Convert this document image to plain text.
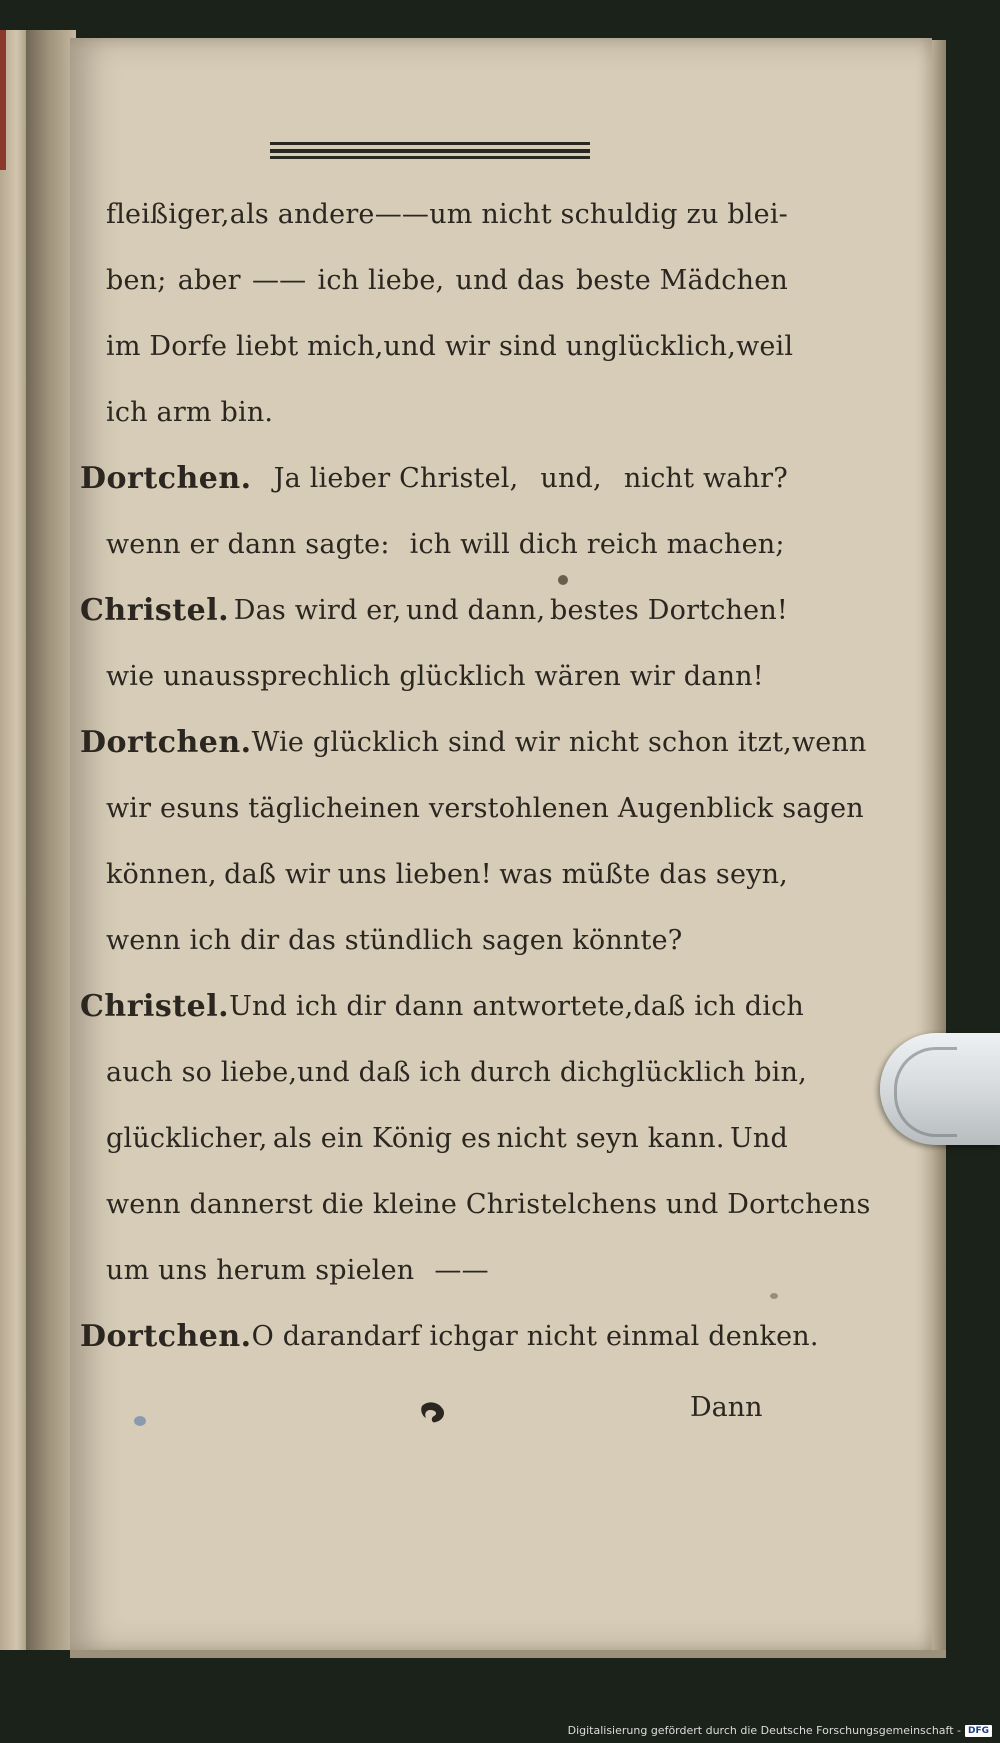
fleißiger, als andere —— um nicht schuldig zu blei-
ben; aber —— ich liebe, und das beste Mädchen
im Dorfe liebt mich , und wir sind unglücklich, weil
ich arm bin.
Dortchen. Ja lieber Christel, und, nicht wahr?
wenn er dann sagte: ich will dich reich machen;
Christel. Das wird er, und dann, bestes Dortchen!
wie unaussprechlich glücklich wären wir dann!
Dortchen. Wie glücklich sind wir nicht schon itzt, wenn
wir es uns täglich einen verstohlenen Augenblick sagen
können, daß wir uns lieben! was müßte das seyn,
wenn ich dir das stündlich sagen könnte?
Christel. Und ich dir dann antwortete, daß ich dich
auch so liebe, und daß ich durch dich glücklich bin,
glücklicher, als ein König es nicht seyn kann. Und
wenn dann erst die kleine Christelchens und Dortchens
um uns herum spielen ——
Dortchen. O daran darf ich gar nicht einmal denken.
Dann
Digitalisierung gefördert durch die Deutsche Forschungsgemeinschaft - DFG
